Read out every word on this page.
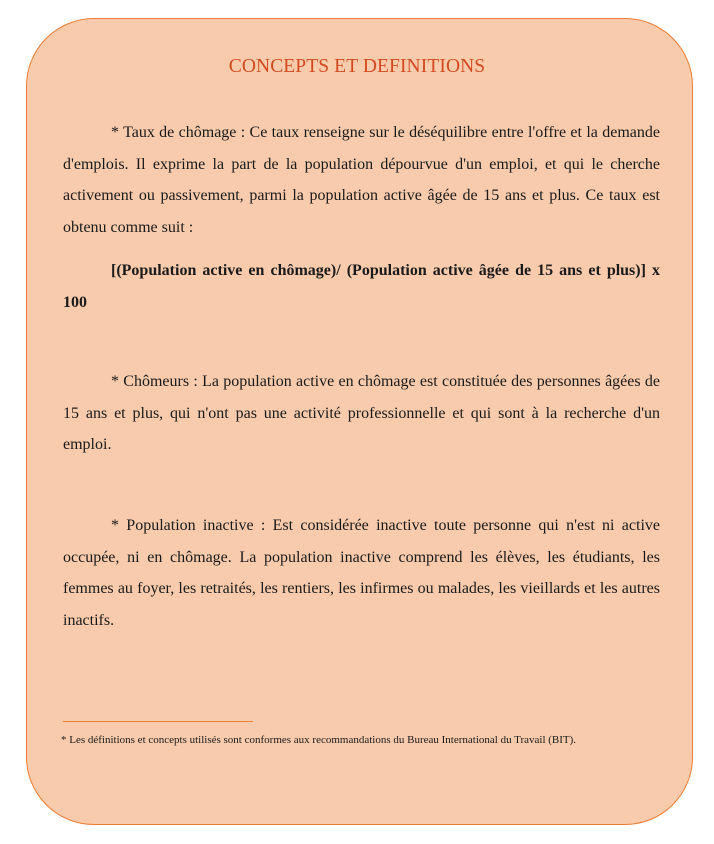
CONCEPTS ET DEFINITIONS
* Taux de chômage : Ce taux renseigne sur le déséquilibre entre l'offre et la demande d'emplois. Il exprime la part de la population dépourvue d'un emploi, et qui le cherche activement ou passivement, parmi la population active âgée de 15 ans et plus. Ce taux est obtenu comme suit :
[(Population active en chômage)/ (Population active âgée de 15 ans et plus)] x 100
* Chômeurs : La population active en chômage est constituée des personnes âgées de 15 ans et plus, qui n'ont pas une activité professionnelle et qui sont à la recherche d'un emploi.
* Population inactive : Est considérée inactive toute personne qui n'est ni active occupée, ni en chômage. La population inactive comprend les élèves, les étudiants, les femmes au foyer, les retraités, les rentiers, les infirmes ou malades, les vieillards et les autres inactifs.
* Les définitions et concepts utilisés sont conformes aux recommandations du Bureau International du Travail (BIT).
